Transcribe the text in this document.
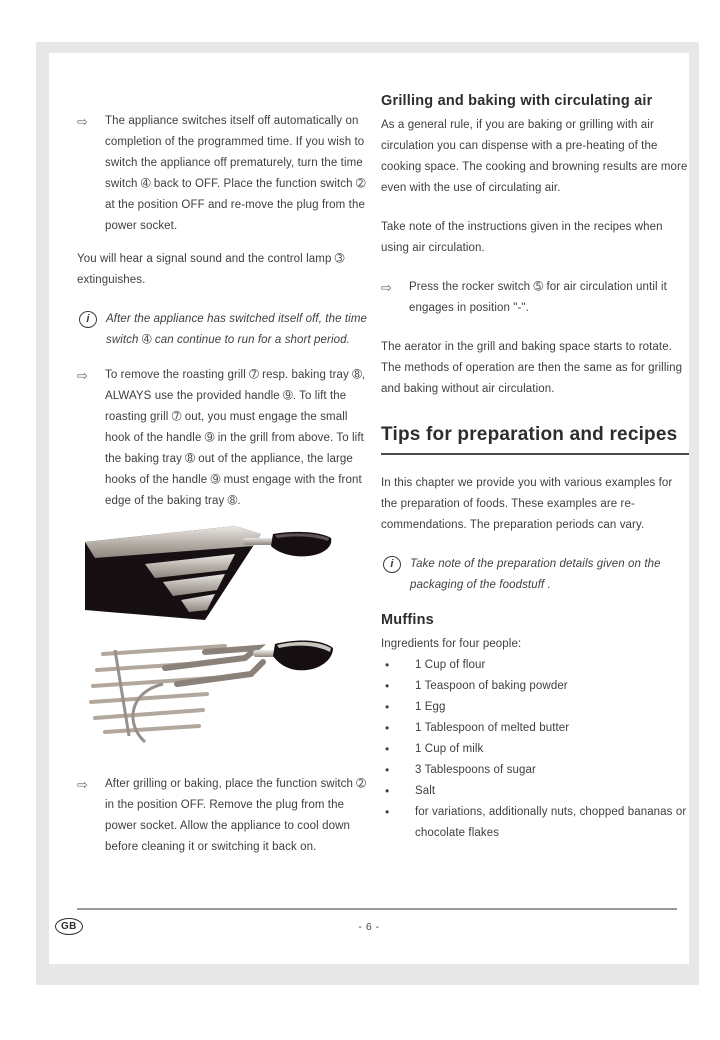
⇨

The appliance switches itself off automatically on completion of the programmed time. If you wish to switch the appliance off prematurely, turn the time switch ➃ back to OFF. Place the function switch ➁ at the position OFF and re-move the plug from the power socket.

You will hear a signal sound and the control lamp ➂ extinguishes.

i

After the appliance has switched itself off, the time switch ➃ can continue to run for a short period.

⇨

To remove the roasting grill ➆ resp. baking tray ➇, ALWAYS use the provided handle ➈. To lift the roasting grill ➆ out, you must engage the small hook of the handle ➈ in the grill from above. To lift the baking tray ➇ out of the appliance, the large hooks of the handle ➈ must engage with the front edge of the baking tray ➇.

⇨

After grilling or baking, place the function switch ➁ in the position OFF. Remove the plug from the power socket. Allow the appliance to cool down before cleaning it or switching it back on.

Grilling and baking with circulating air

As a general rule, if you are baking or grilling with air circulation you can dispense with a pre-heating of the cooking space. The cooking and browning results are more even with the use of circulating air.

Take note of the instructions given in the recipes when using air circulation.

⇨

Press the rocker switch ➄ for air circulation until it engages in position "-".

The aerator in the grill and baking space starts to rotate.

The methods of operation are then the same as for grilling and baking without air circulation.

Tips for preparation and recipes

In this chapter we provide you with various examples for the preparation of foods. These examples are re-commendations. The preparation periods can vary.

i

Take note of the preparation details given on the packaging of the foodstuff .

Muffins

Ingredients for four people:

•
1 Cup of flour
•
1 Teaspoon of baking powder
•
1 Egg
•
1 Tablespoon of melted butter
•
1 Cup of milk
•
3 Tablespoons of sugar
•
Salt
•
for variations, additionally nuts, chopped bananas or chocolate flakes
GB	- 6 -
